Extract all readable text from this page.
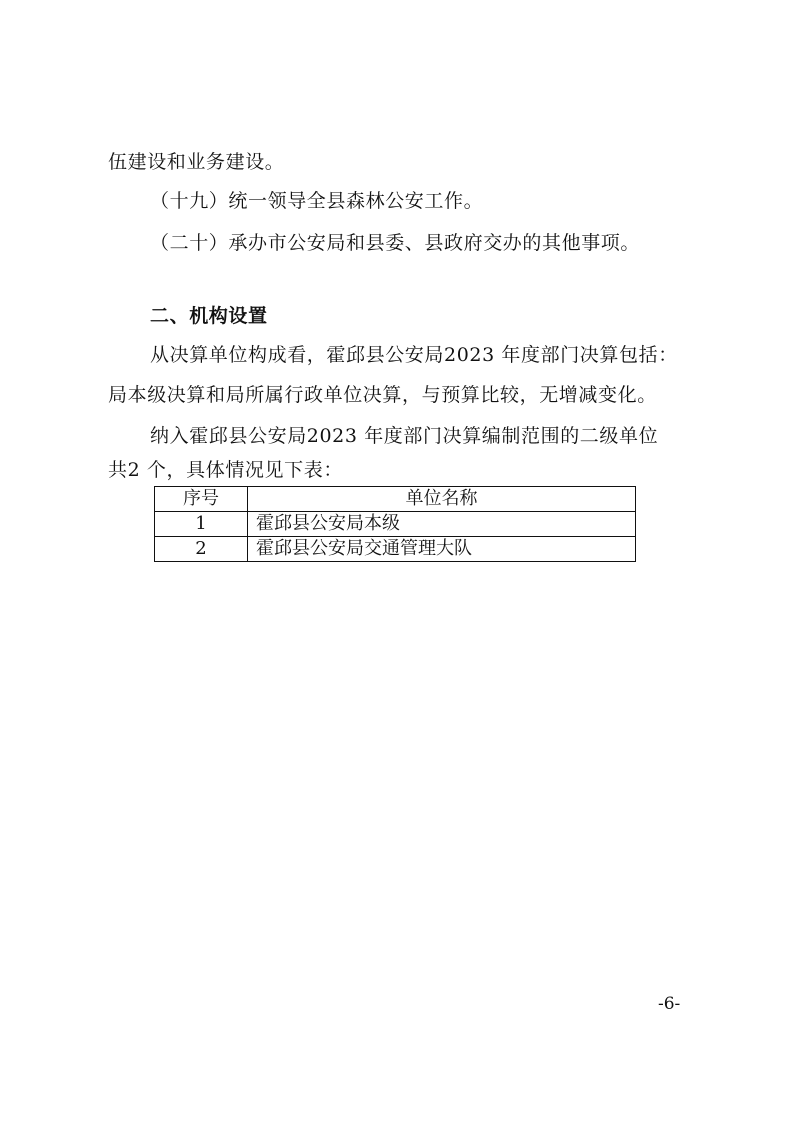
伍建设和业务建设。
（十九）统一领导全县森林公安工作。
（二十）承办市公安局和县委、县政府交办的其他事项。
二、机构设置
从决算单位构成看，霍邱县公安局2023 年度部门决算包括：
局本级决算和局所属行政单位决算，与预算比较，无增减变化。
纳入霍邱县公安局2023 年度部门决算编制范围的二级单位
共2 个，具体情况见下表：
序号	单位名称
1	霍邱县公安局本级
2	霍邱县公安局交通管理大队
-6-
